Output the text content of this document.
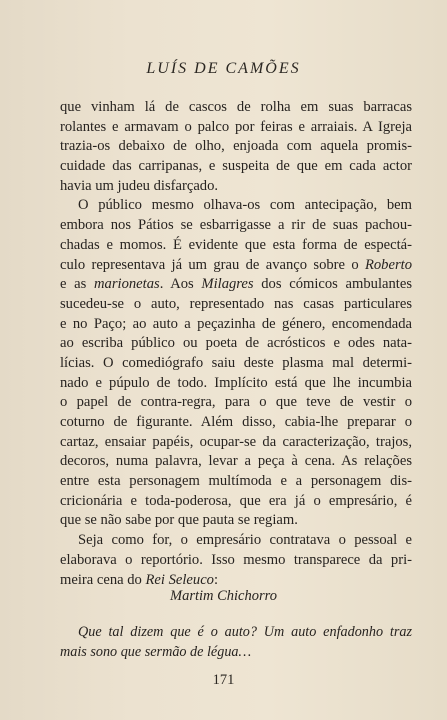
LUÍS DE CAMÕES
que vinham lá de cascos de rolha em suas barracas
rolantes e armavam o palco por feiras e arraiais. A Igreja
trazia-os debaixo de olho, enjoada com aquela promis-
cuidade das carripanas, e suspeita de que em cada actor
havia um judeu disfarçado.
O público mesmo olhava-os com antecipação, bem
embora nos Pátios se esbarrigasse a rir de suas pachou-
chadas e momos. É evidente que esta forma de espectá-
culo representava já um grau de avanço sobre o Roberto
e as marionetas. Aos Milagres dos cómicos ambulantes
sucedeu-se o auto, representado nas casas particulares
e no Paço; ao auto a peçazinha de género, encomendada
ao escriba público ou poeta de acrósticos e odes nata-
lícias. O comediógrafo saiu deste plasma mal determi-
nado e púpulo de todo. Implícito está que lhe incumbia
o papel de contra-regra, para o que teve de vestir o
coturno de figurante. Além disso, cabia-lhe preparar o
cartaz, ensaiar papéis, ocupar-se da caracterização, trajos,
decoros, numa palavra, levar a peça à cena. As relações
entre esta personagem multímoda e a personagem dis-
cricionária e toda-poderosa, que era já o empresário, é
que se não sabe por que pauta se regiam.
Seja como for, o empresário contratava o pessoal e
elaborava o reportório. Isso mesmo transparece da pri-
meira cena do Rei Seleuco:
Martim Chichorro
Que tal dizem que é o auto? Um auto enfadonho traz
mais sono que sermão de légua…
171
